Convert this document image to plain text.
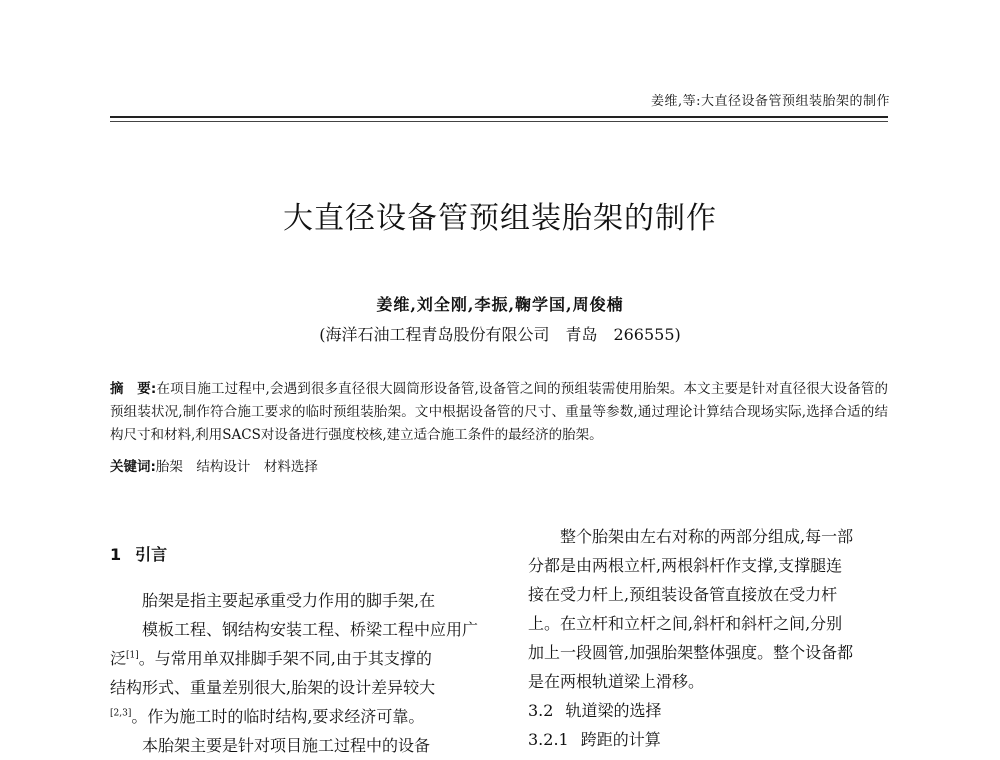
姜维,等:大直径设备管预组装胎架的制作
大直径设备管预组装胎架的制作
姜维,刘全刚,李振,鞠学国,周俊楠
(海洋石油工程青岛股份有限公司　青岛　266555)
摘　要:在项目施工过程中,会遇到很多直径很大圆筒形设备管,设备管之间的预组装需使用胎架。本文主要是针对直径很大设备管的预组装状况,制作符合施工要求的临时预组装胎架。文中根据设备管的尺寸、重量等参数,通过理论计算结合现场实际,选择合适的结构尺寸和材料,利用SACS对设备进行强度校核,建立适合施工条件的最经济的胎架。
关键词:胎架　结构设计　材料选择
1 引言

胎架是指主要起承重受力作用的脚手架,在
模板工程、钢结构安装工程、桥梁工程中应用广
泛[1]。与常用单双排脚手架不同,由于其支撑的
结构形式、重量差别很大,胎架的设计差异较大
[2,3]。作为施工时的临时结构,要求经济可靠。

本胎架主要是针对项目施工过程中的设备

整个胎架由左右对称的两部分组成,每一部
分都是由两根立杆,两根斜杆作支撑,支撑腿连
接在受力杆上,预组装设备管直接放在受力杆
上。在立杆和立杆之间,斜杆和斜杆之间,分别
加上一段圆管,加强胎架整体强度。整个设备都
是在两根轨道梁上滑移。

3.2 轨道梁的选择
3.2.1 跨距的计算
